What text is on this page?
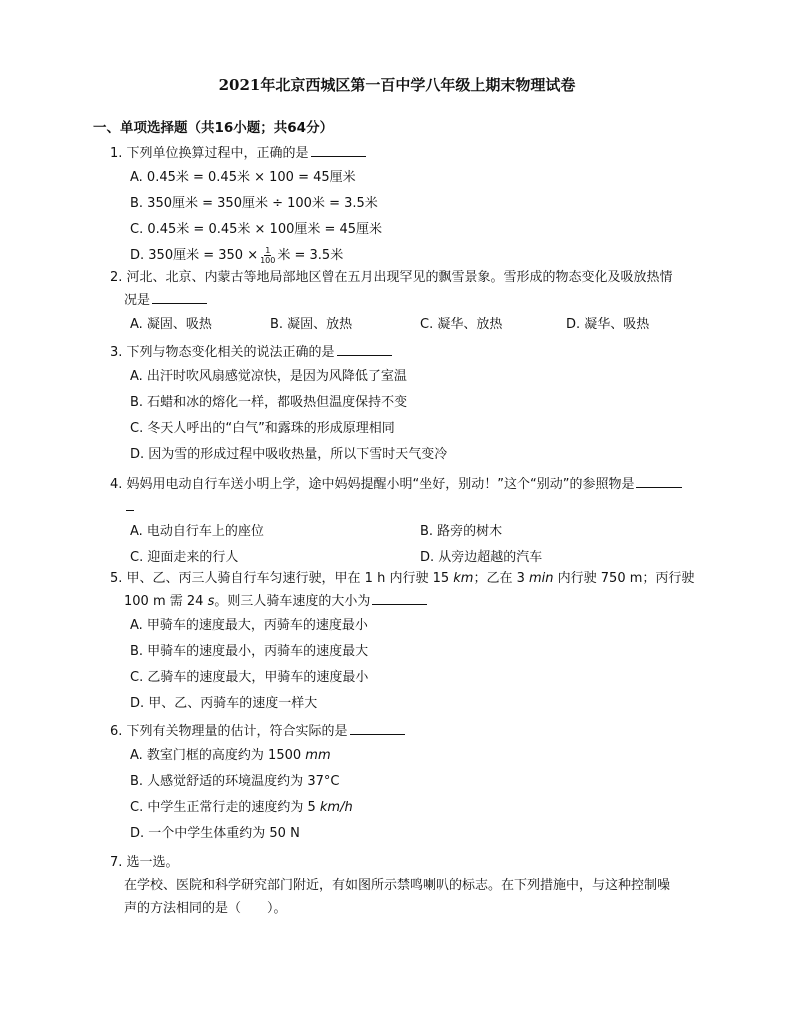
2021年北京西城区第一百中学八年级上期末物理试卷
一、单项选择题（共16小题；共64分）
1. 下列单位换算过程中，正确的是
A. 0.45米 = 0.45米 × 100 = 45厘米
B. 350厘米 = 350厘米 ÷ 100米 = 3.5米
C. 0.45米 = 0.45米 × 100厘米 = 45厘米
D. 350厘米 = $350 \times \frac{1}{100}$ 米 = 3.5米
2. 河北、北京、内蒙古等地局部地区曾在五月出现罕见的飘雪景象。雪形成的物态变化及吸放热情
况是
A. 凝固、吸热	B. 凝固、放热	C. 凝华、放热	D. 凝华、吸热
3. 下列与物态变化相关的说法正确的是
A. 出汗时吹风扇感觉凉快，是因为风降低了室温
B. 石蜡和冰的熔化一样，都吸热但温度保持不变
C. 冬天人呼出的“白气”和露珠的形成原理相同
D. 因为雪的形成过程中吸收热量，所以下雪时天气变冷
4. 妈妈用电动自行车送小明上学，途中妈妈提醒小明“坐好，别动！”这个“别动”的参照物是
A. 电动自行车上的座位	B. 路旁的树木
C. 迎面走来的行人	D. 从旁边超越的汽车
5. 甲、乙、丙三人骑自行车匀速行驶，甲在 1 h 内行驶 15 km；乙在 3 min 内行驶 750 m；丙行驶
100 m 需 24 s。则三人骑车速度的大小为
A. 甲骑车的速度最大，丙骑车的速度最小
B. 甲骑车的速度最小，丙骑车的速度最大
C. 乙骑车的速度最大，甲骑车的速度最小
D. 甲、乙、丙骑车的速度一样大
6. 下列有关物理量的估计，符合实际的是
A. 教室门框的高度约为 1500 mm
B. 人感觉舒适的环境温度约为 37°C
C. 中学生正常行走的速度约为 5 km/h
D. 一个中学生体重约为 50 N
7. 选一选。
在学校、医院和科学研究部门附近，有如图所示禁鸣喇叭的标志。在下列措施中，与这种控制噪
声的方法相同的是（　　）。
